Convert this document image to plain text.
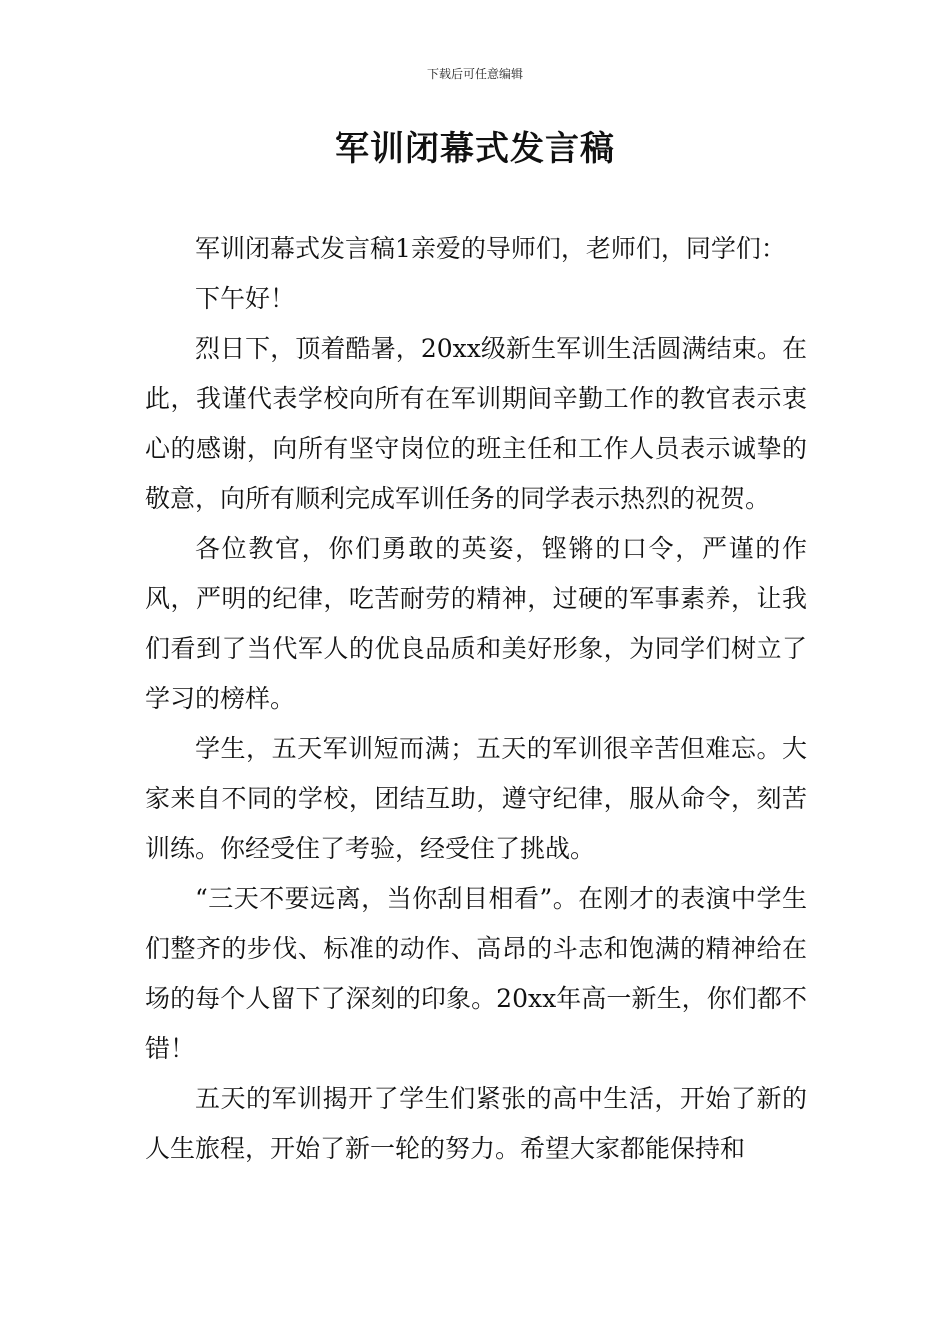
下载后可任意编辑
军训闭幕式发言稿

军训闭幕式发言稿1亲爱的导师们，老师们，同学们：

下午好！

烈日下，顶着酷暑，20xx级新生军训生活圆满结束。在此，我谨代表学校向所有在军训期间辛勤工作的教官表示衷心的感谢，向所有坚守岗位的班主任和工作人员表示诚挚的敬意，向所有顺利完成军训任务的同学表示热烈的祝贺。

各位教官，你们勇敢的英姿，铿锵的口令，严谨的作风，严明的纪律，吃苦耐劳的精神，过硬的军事素养，让我们看到了当代军人的优良品质和美好形象，为同学们树立了学习的榜样。

学生，五天军训短而满；五天的军训很辛苦但难忘。大家来自不同的学校，团结互助，遵守纪律，服从命令，刻苦训练。你经受住了考验，经受住了挑战。

“三天不要远离，当你刮目相看”。在刚才的表演中学生们整齐的步伐、标准的动作、高昂的斗志和饱满的精神给在场的每个人留下了深刻的印象。20xx年高一新生，你们都不错！

五天的军训揭开了学生们紧张的高中生活，开始了新的人生旅程，开始了新一轮的努力。希望大家都能保持和
